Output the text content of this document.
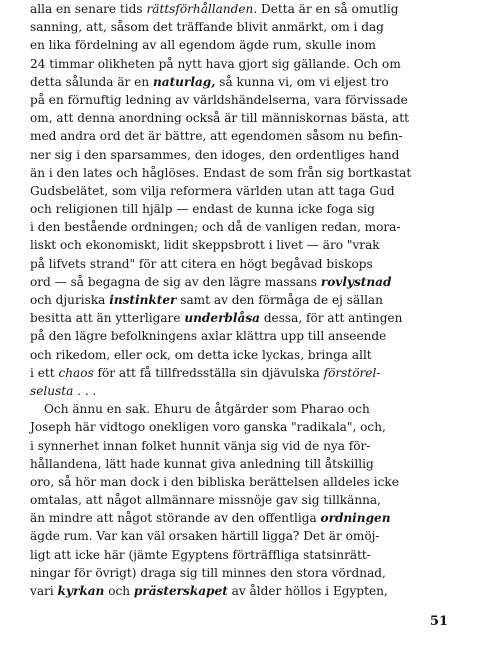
alla en senare tids rättsförhållanden. Detta är en så omutlig
sanning, att, såsom det träffande blivit anmärkt, om i dag
en lika fördelning av all egendom ägde rum, skulle inom
24 timmar olikheten på nytt hava gjort sig gällande. Och om
detta sålunda är en naturlag, så kunna vi, om vi eljest tro
på en förnuftig ledning av världshändelserna, vara förvissade
om, att denna anordning också är till människornas bästa, att
med andra ord det är bättre, att egendomen såsom nu befin-
ner sig i den sparsammes, den idoges, den ordentliges hand
än i den lates och håglöses. Endast de som från sig bortkastat
Gudsbelätet, som vilja reformera världen utan att taga Gud
och religionen till hjälp — endast de kunna icke foga sig
i den bestående ordningen; och då de vanligen redan, mora-
liskt och ekonomiskt, lidit skeppsbrott i livet — äro "vrak
på lifvets strand" för att citera en högt begåvad biskops
ord — så begagna de sig av den lägre massans rovlystnad
och djuriska instinkter samt av den förmåga de ej sällan
besitta att än ytterligare underblåsa dessa, för att antingen
på den lägre befolkningens axlar klättra upp till anseende
och rikedom, eller ock, om detta icke lyckas, bringa allt
i ett chaos för att få tillfredsställa sin djävulska förstörel-
selusta . . .
Och ännu en sak. Ehuru de åtgärder som Pharao och
Joseph här vidtogo onekligen voro ganska "radikala", och,
i synnerhet innan folket hunnit vänja sig vid de nya för-
hållandena, lätt hade kunnat giva anledning till åtskillig
oro, så hör man dock i den bibliska berättelsen alldeles icke
omtalas, att något allmännare missnöje gav sig tillkänna,
än mindre att något störande av den offentliga ordningen
ägde rum. Var kan väl orsaken härtill ligga? Det är omöj-
ligt att icke här (jämte Egyptens förträffliga statsinrätt-
ningar för övrigt) draga sig till minnes den stora vördnad,
vari kyrkan och prästerskapet av ålder höllos i Egypten,
51
